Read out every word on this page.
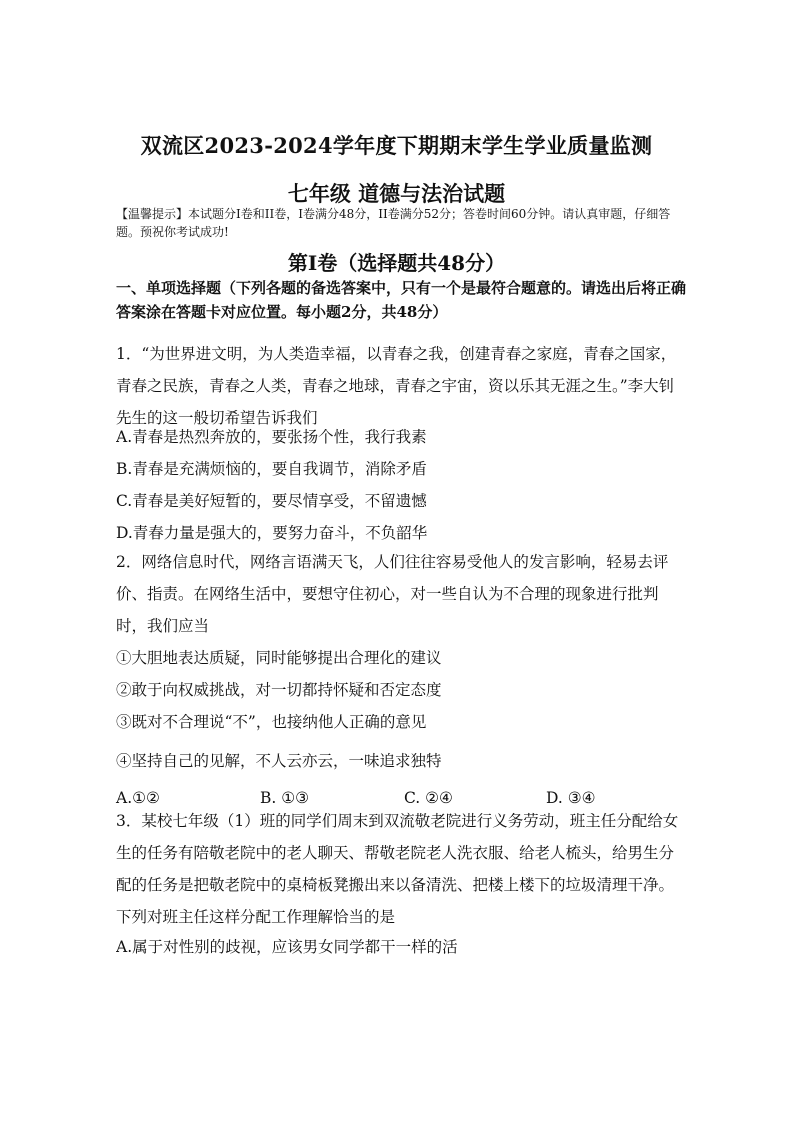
双流区2023-2024学年度下期期末学生学业质量监测
七年级 道德与法治试题
【温馨提示】本试题分I卷和II卷，I卷满分48分，II卷满分52分；答卷时间60分钟。请认真审题，仔细答题。预祝你考试成功!
第I卷（选择题共48分）
一、单项选择题（下列各题的备选答案中，只有一个是最符合题意的。请选出后将正确答案涂在答题卡对应位置。每小题2分，共48分）
1．“为世界进文明，为人类造幸福，以青春之我，创建青春之家庭，青春之国家，青春之民族，青春之人类，青春之地球，青春之宇宙，资以乐其无涯之生。”李大钊先生的这一般切希望告诉我们
A.青春是热烈奔放的，要张扬个性，我行我素
B.青春是充满烦恼的，要自我调节，消除矛盾
C.青春是美好短暂的，要尽情享受，不留遗憾
D.青春力量是强大的，要努力奋斗，不负韶华
2．网络信息时代，网络言语满天飞，人们往往容易受他人的发言影响，轻易去评价、指责。在网络生活中，要想守住初心，对一些自认为不合理的现象进行批判时，我们应当
①大胆地表达质疑，同时能够提出合理化的建议
②敢于向权威挑战，对一切都持怀疑和否定态度
③既对不合理说“不”，也接纳他人正确的意见
④坚持自己的见解，不人云亦云，一味追求独特
A.①②	B. ①③	C. ②④	D. ③④
3．某校七年级（1）班的同学们周末到双流敬老院进行义务劳动，班主任分配给女生的任务有陪敬老院中的老人聊天、帮敬老院老人洗衣服、给老人梳头，给男生分配的任务是把敬老院中的桌椅板凳搬出来以备清洗、把楼上楼下的垃圾清理干净。下列对班主任这样分配工作理解恰当的是
A.属于对性别的歧视，应该男女同学都干一样的活
